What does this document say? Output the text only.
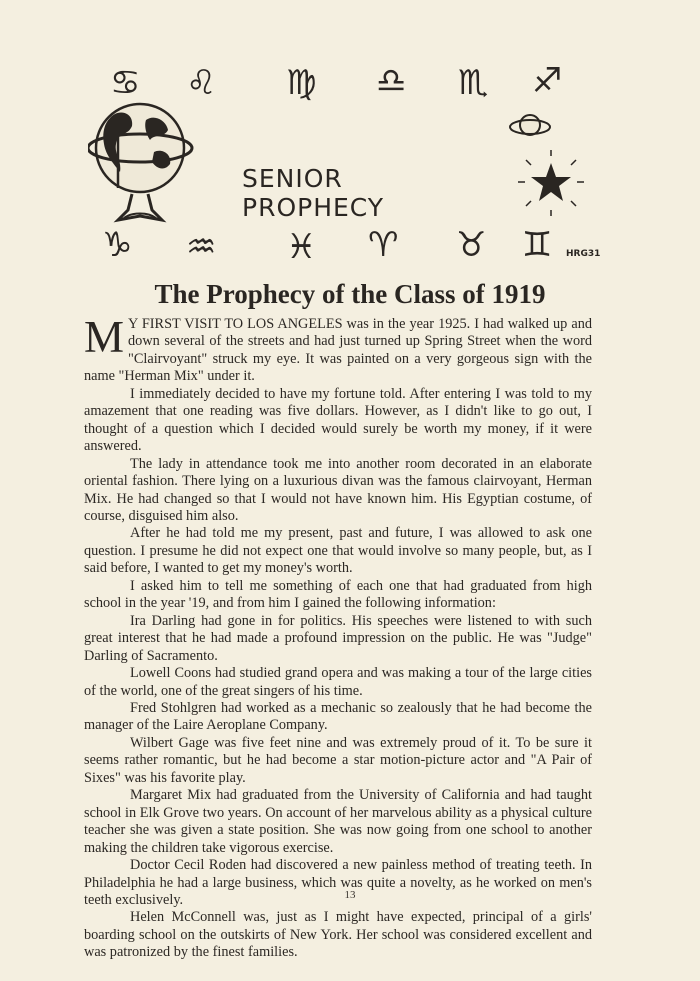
♋ ♌ ♍ ♎ ♏ ♐
SENIOR PROPHECY
♑ ♒ ♓ ♈ ♉ ♊ HRG31
The Prophecy of the Class of 1919

M Y FIRST VISIT TO LOS ANGELES was in the year 1925. I had walked up and down several of the streets and had just turned up Spring Street when the word "Clairvoyant" struck my eye. It was painted on a very gorgeous sign with the name "Herman Mix" under it.

I immediately decided to have my fortune told. After entering I was told to my amazement that one reading was five dollars. However, as I didn't like to go out, I thought of a question which I decided would surely be worth my money, if it were answered.

The lady in attendance took me into another room decorated in an elaborate oriental fashion. There lying on a luxurious divan was the famous clairvoyant, Herman Mix. He had changed so that I would not have known him. His Egyptian costume, of course, disguised him also.

After he had told me my present, past and future, I was allowed to ask one question. I presume he did not expect one that would involve so many people, but, as I said before, I wanted to get my money's worth.

I asked him to tell me something of each one that had graduated from high school in the year '19, and from him I gained the following information:

Ira Darling had gone in for politics. His speeches were listened to with such great interest that he had made a profound impression on the public. He was "Judge" Darling of Sacramento.

Lowell Coons had studied grand opera and was making a tour of the large cities of the world, one of the great singers of his time.

Fred Stohlgren had worked as a mechanic so zealously that he had become the manager of the Laire Aeroplane Company.

Wilbert Gage was five feet nine and was extremely proud of it. To be sure it seems rather romantic, but he had become a star motion-picture actor and "A Pair of Sixes" was his favorite play.

Margaret Mix had graduated from the University of California and had taught school in Elk Grove two years. On account of her marvelous ability as a physical culture teacher she was given a state position. She was now going from one school to another making the children take vigorous exercise.

Doctor Cecil Roden had discovered a new painless method of treating teeth. In Philadelphia he had a large business, which was quite a novelty, as he worked on men's teeth exclusively.

Helen McConnell was, just as I might have expected, principal of a girls' boarding school on the outskirts of New York. Her school was considered excellent and was patronized by the finest families.

13
